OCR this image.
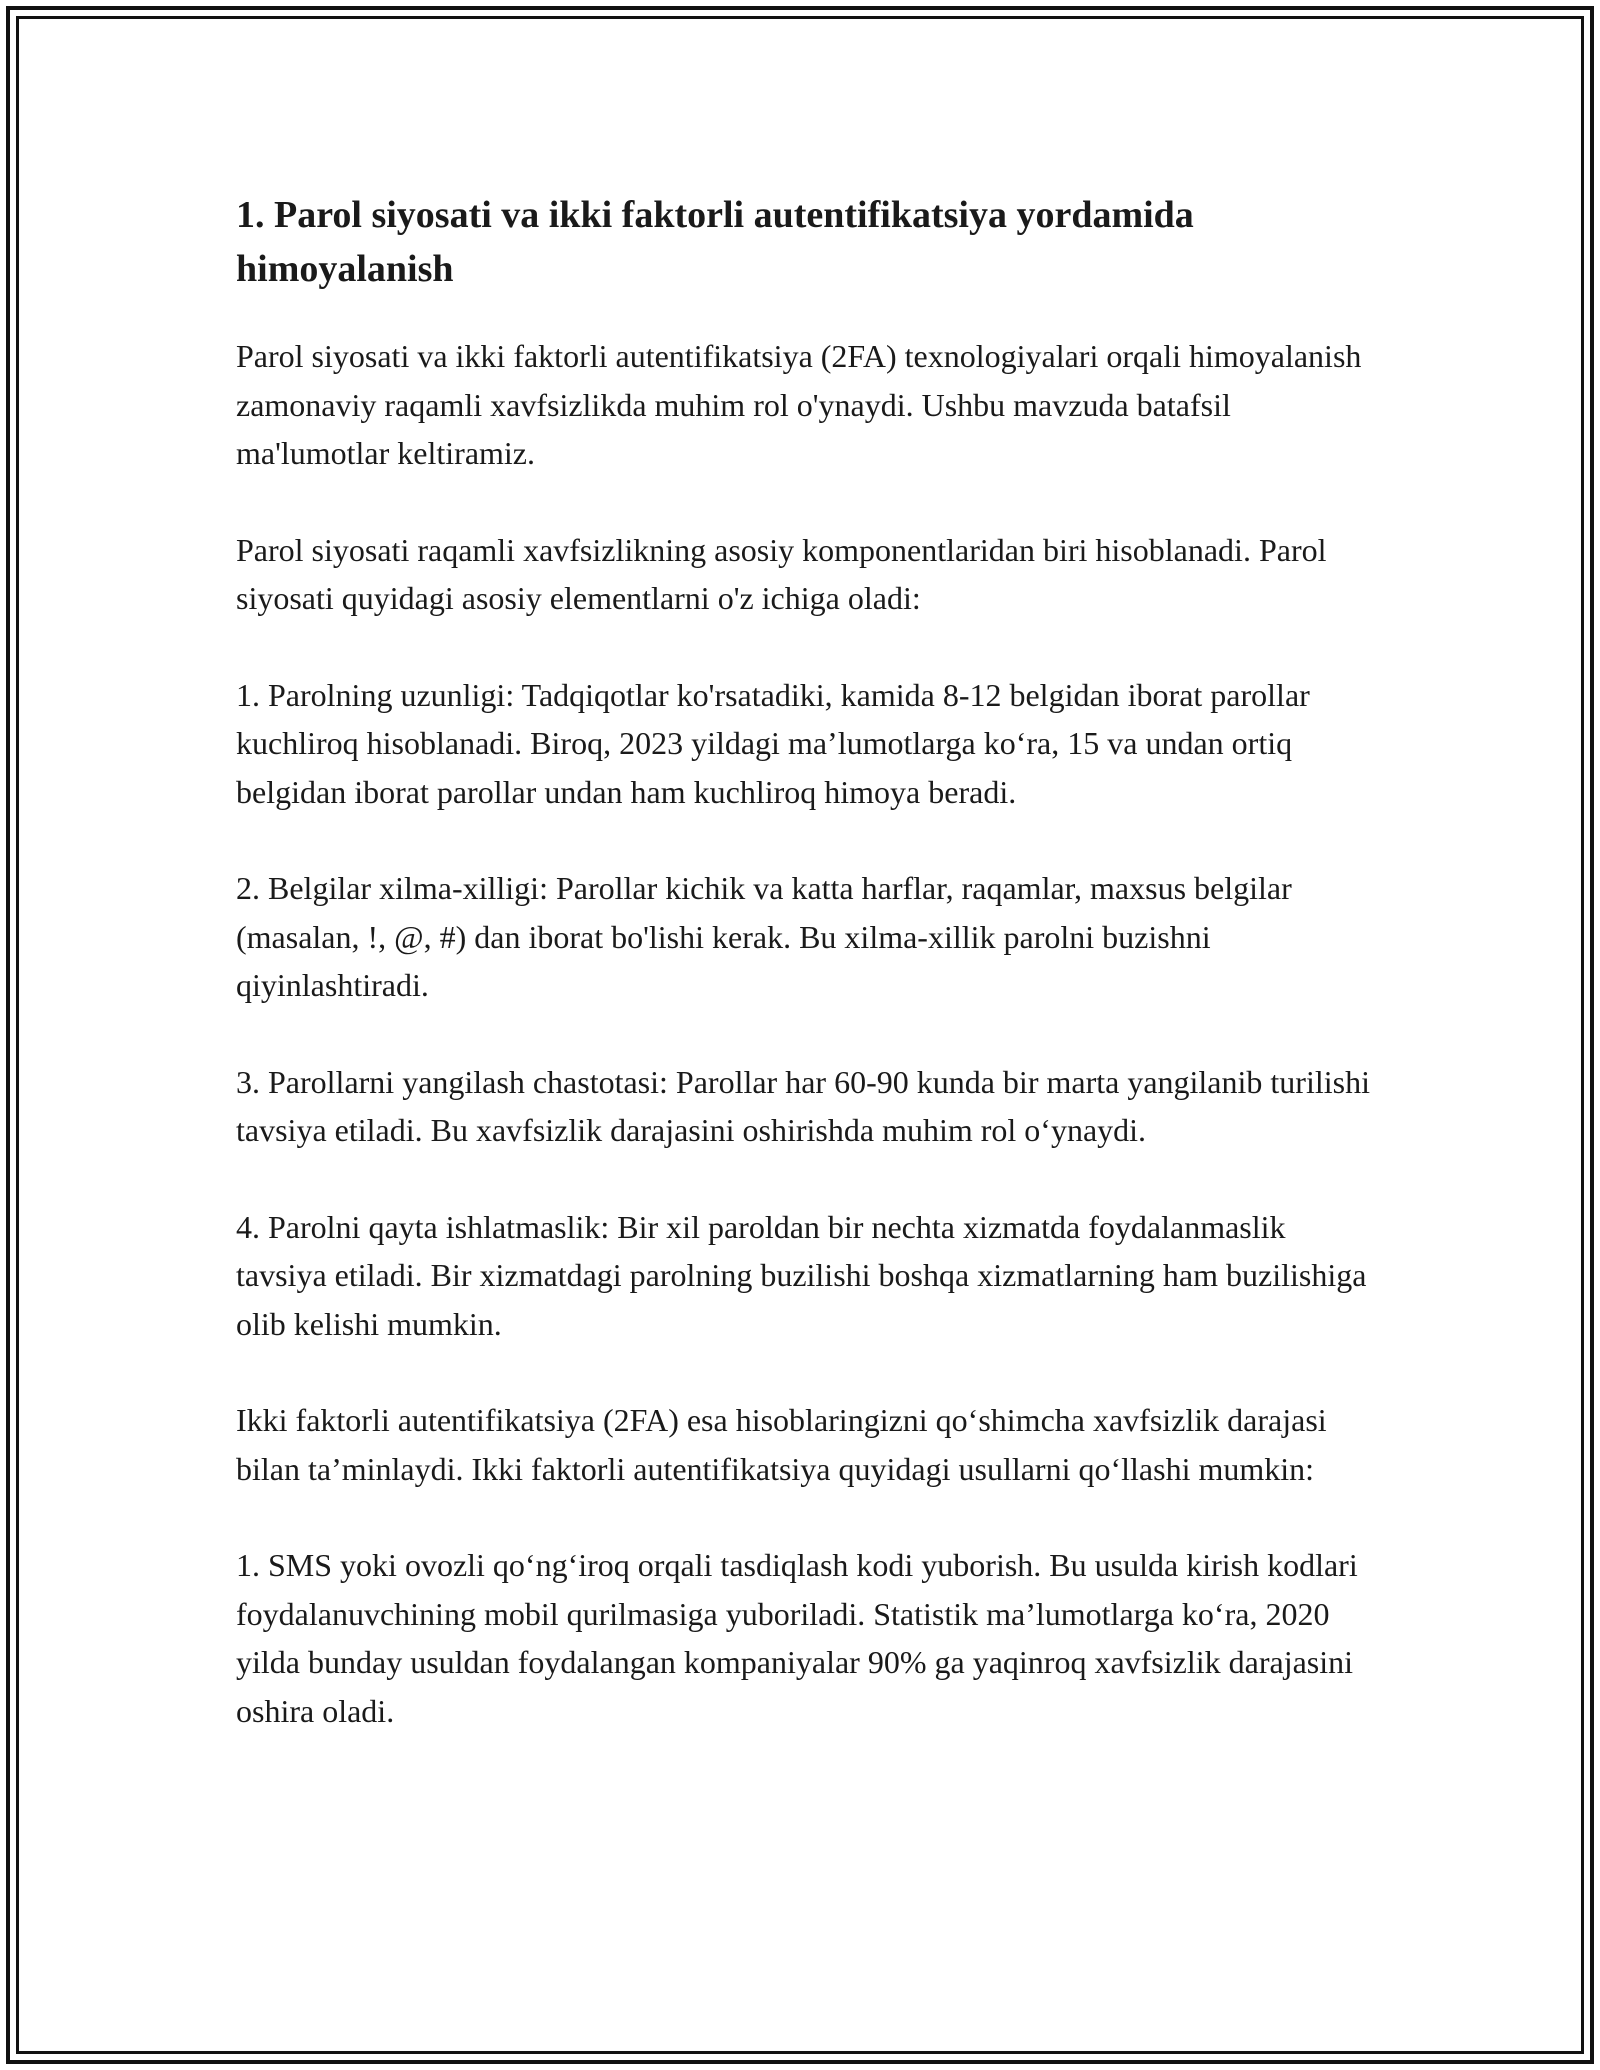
1. Parol siyosati va ikki faktorli autentifikatsiya yordamida himoyalanish

Parol siyosati va ikki faktorli autentifikatsiya (2FA) texnologiyalari orqali himoyalanish zamonaviy raqamli xavfsizlikda muhim rol o'ynaydi. Ushbu mavzuda batafsil ma'lumotlar keltiramiz.

Parol siyosati raqamli xavfsizlikning asosiy komponentlaridan biri hisoblanadi. Parol siyosati quyidagi asosiy elementlarni o'z ichiga oladi:

1. Parolning uzunligi: Tadqiqotlar ko'rsatadiki, kamida 8-12 belgidan iborat parollar kuchliroq hisoblanadi. Biroq, 2023 yildagi ma’lumotlarga ko‘ra, 15 va undan ortiq belgidan iborat parollar undan ham kuchliroq himoya beradi.

2. Belgilar xilma-xilligi: Parollar kichik va katta harflar, raqamlar, maxsus belgilar (masalan, !, @, #) dan iborat bo'lishi kerak. Bu xilma-xillik parolni buzishni qiyinlashtiradi.

3. Parollarni yangilash chastotasi: Parollar har 60-90 kunda bir marta yangilanib turilishi tavsiya etiladi. Bu xavfsizlik darajasini oshirishda muhim rol o‘ynaydi.

4. Parolni qayta ishlatmaslik: Bir xil paroldan bir nechta xizmatda foydalanmaslik tavsiya etiladi. Bir xizmatdagi parolning buzilishi boshqa xizmatlarning ham buzilishiga olib kelishi mumkin.

Ikki faktorli autentifikatsiya (2FA) esa hisoblaringizni qo‘shimcha xavfsizlik darajasi bilan ta’minlaydi. Ikki faktorli autentifikatsiya quyidagi usullarni qo‘llashi mumkin:

1. SMS yoki ovozli qo‘ng‘iroq orqali tasdiqlash kodi yuborish. Bu usulda kirish kodlari foydalanuvchining mobil qurilmasiga yuboriladi. Statistik ma’lumotlarga ko‘ra, 2020 yilda bunday usuldan foydalangan kompaniyalar 90% ga yaqinroq xavfsizlik darajasini oshira oladi.
